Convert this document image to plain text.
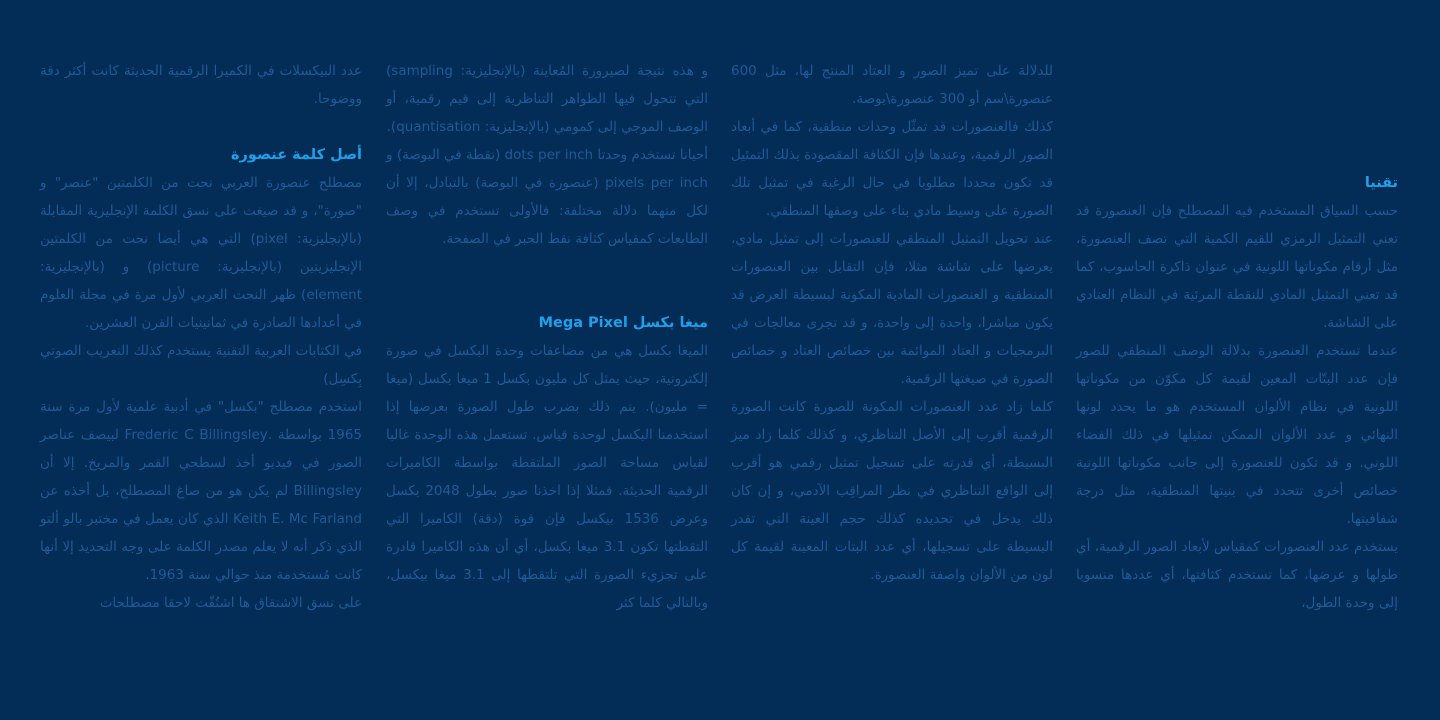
تقنيا

حسب السياق المستخدم فيه المصطلح فإن العنصورة قد تعني التمثيل الرمزي للقيم الكمية التي تصف العنصورة، مثل أرقام مكوناتها اللونية في عنوان ذاكرة الحاسوب، كما قد تعني التمثيل المادي للنقطة المرئية في النظام العتادي على الشاشة.

عندما تستخدم العنصورة بدلالة الوصف المنطقي للصور فإن عدد البتّات المعين لقيمة كل مكوّن من مكوناتها اللونية في نظام الألوان المستخدم هو ما يحدد لونها النهائي و عدد الألوان الممكن تمثيلها في ذلك الفضاء اللوني. و قد تكون للعنصورة إلى جانب مكوناتها اللونية خصائص أخرى تتحدد في بنيتها المنطقية، مثل درجة شفافيتها.

يستخدم عدد العنصورات كمقياس لأبعاد الصور الرقمية، أي طولها و عرضها، كما تستخدم كثافتها، أي عددها منسوبا إلى وحدة الطول،

للدلالة على تميز الصور و العتاد المنتج لها، مثل 600 عنصورة\سم أو 300 عنصورة\بوصة.

كذلك فالعنصورات قد تمثّل وحدات منطقية، كما في أبعاد الصور الرقمية، وعندها فإن الكثافة المقصودة بذلك التمثيل قد تكون محددا مطلوبا في حال الرغبة في تمثيل تلك الصورة على وسيط مادي بناء على وصفها المنطقي.

عند تحويل التمثيل المنطقي للعنصورات إلى تمثيل مادي، بعرضها على شاشة مثلا، فإن التقابل بين العنصورات المنطقية و العنصورات المادية المكونة لبسيطة العرض قد يكون مباشرا، واحدة إلى واحدة، و قد تجرى معالجات في البرمجيات و العتاد الموائمة بين خصائص العتاد و خصائص الصورة في صيغتها الرقمية.

كلما زاد عدد العنصورات المكونة للصورة كانت الصورة الرقمية أقرب إلى الأصل التناظري، و كذلك كلما زاد ميز البسيطة، أي قدرته على تسجيل تمثيل رقمي هو أقرب إلى الواقع التناظري في نظر المراقِب الآدمي، و إن كان ذلك يدخل في تحديده كذلك حجم العينة التي تقدر البسيطة على تسجيلها، أي عدد البتات المعينة لقيمة كل لون من الألوان واصفة العنصورة.

و هذه نتيجة لصيرورة المُعاينة (بالإنجليزية: sampling) التي تتحول فيها الظواهر التناظرية إلى قيم رقمية، أو الوصف الموجي إلى كمومي (بالإنجليزية: quantisation).

أحيانا تستخدم وحدتا dots per inch (نقطة في البوصة) و pixels per inch (عنصورة في البوصة) بالتبادل، إلا أن لكل منهما دلالة مختلفة: فالأولى تستخدم في وصف الطابعات كمقياس كثافة نقط الحبر في الصفحة.

ميغا بكسل Mega Pixel

الميغا بكسل هي من مضاعفات وحدة البكسل في صورة إلكترونية، حيث يمثل كل مليون بكسل 1 ميغا بكسل (ميغا = مليون). يتم ذلك بضرب طول الصورة بعرضها إذا استخدمنا البكسل لوحدة قياس. تستعمل هذه الوحدة غالبا لقياس مساحة الصور الملتقطة بواسطة الكاميرات الرقمية الحديثة. فمثلا إذا اخذنا صور بطول 2048 بكسل وعرض 1536 بيكسل فإن قوة (دقة) الكاميرا التي التقطتها تكون 3.1 ميغا بكسل، أي أن هذه الكاميرا قادرة على تجزيء الصورة التي تلتقطها إلى 3.1 ميغا بيكسل، وبالتالي كلما كثر

عدد البيكسلات في الكميرا الرقمية الحديثة كانت أكثر دقة ووضوحا.

أصل كلمة عنصورة

مصطلح عنصورة العربي نحت من الكلمتين "عنصر" و "صورة"، و قد صيغت على نسق الكلمة الإنجليزية المقابلة (بالإنجليزية: pixel) التي هي أيضا نحت من الكلمتين الإنجليزيتين (بالإنجليزية: picture) و (بالإنجليزية: element) ظهر النحت العربي لأول مرة في مجلة العلوم في أعدادها الصادرة في ثمانينيات القرن العشرين.

في الكتابات العربية التقنية يستخدم كذلك التعريب الصوتي بِكسِل)

استخدم مصطلح "بكسل" في أدبية علمية لأول مرة سنة 1965 بواسطة .Frederic C Billingsley لبيصف عناصر الصور في فيديو أخذ لسطحي القمر والمريخ. إلا أن Billingsley لم يكن هو من صاغ المصطلح، بل أخذه عن Keith E. Mc Farland الذي كان يعمل في مختبر بالو ألتو الذي ذكر أنه لا يعلم مصدر الكلمة على وجه التحديد إلا أنها كانت مُستخدمة منذ حوالي سنة 1963.

على نسق الاشتقاق ها اشتُقّت لاحقا مصطلحات
